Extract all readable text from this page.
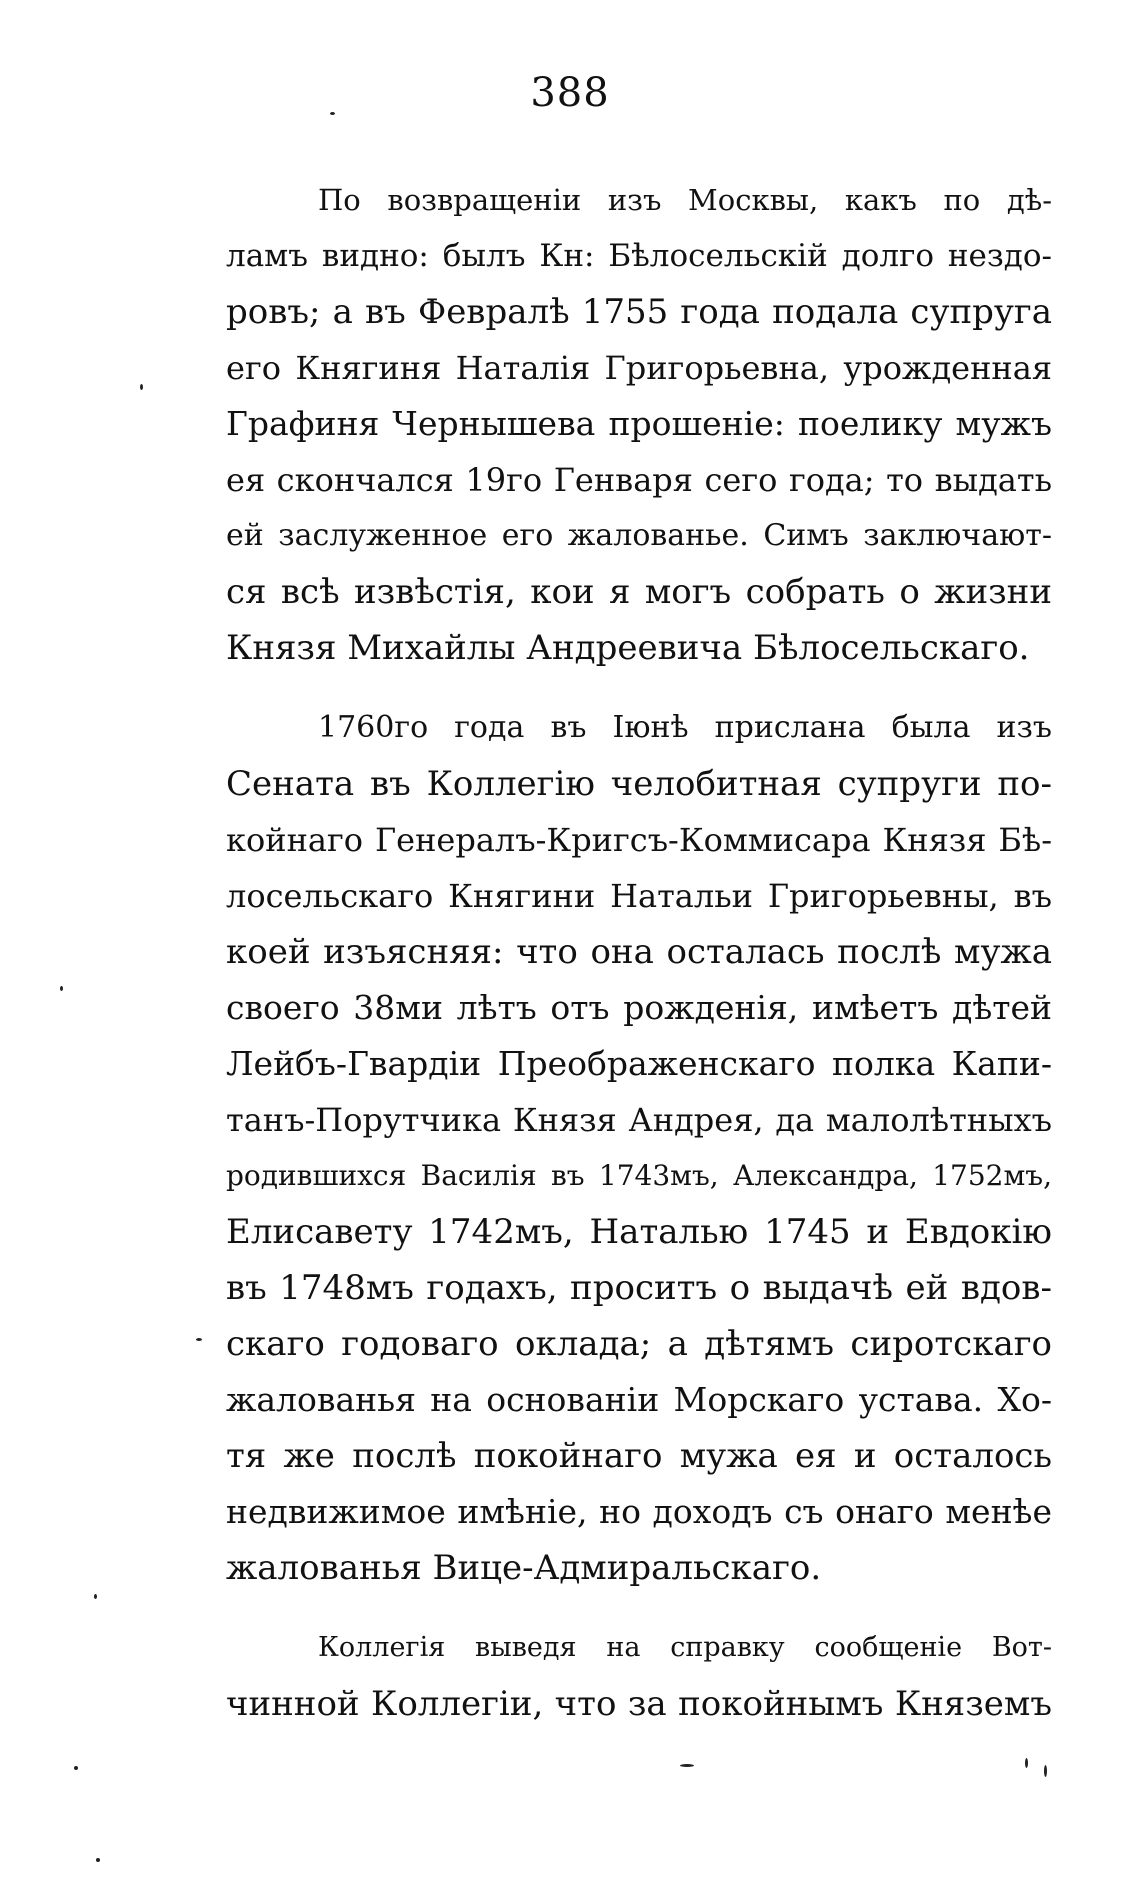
388
По возвращеніи изъ Москвы, какъ по дѣ-
ламъ видно: былъ Кн: Бѣлосельскій долго нездо-
ровъ; а въ Февралѣ 1755 года подала супруга
его Княгиня Наталія Григорьевна, урожденная
Графиня Чернышева прошеніе: поелику мужъ
ея скончался 19го Генваря сего года; то выдать
ей заслуженное его жалованье. Симъ заключают-
ся всѣ извѣстія, кои я могъ собрать о жизни
Князя Михайлы Андреевича Бѣлосельскаго.
1760го года въ Іюнѣ прислана была изъ
Сената въ Коллегію челобитная супруги по-
койнаго Генералъ-Кригсъ-Коммисара Князя Бѣ-
лосельскаго Княгини Натальи Григорьевны, въ
коей изъясняя: что она осталась послѣ мужа
своего 38ми лѣтъ отъ рожденія, имѣетъ дѣтей
Лейбъ-Гвардіи Преображенскаго полка Капи-
танъ-Порутчика Князя Андрея, да малолѣтныхъ
родившихся Василія въ 1743мъ, Александра, 1752мъ,
Елисавету 1742мъ, Наталью 1745 и Евдокію
въ 1748мъ годахъ, проситъ о выдачѣ ей вдов-
скаго годоваго оклада; а дѣтямъ сиротскаго
жалованья на основаніи Морскаго устава. Хо-
тя же послѣ покойнаго мужа ея и осталось
недвижимое имѣніе, но доходъ съ онаго менѣе
жалованья Вице-Адмиральскаго.
Коллегія выведя на справку сообщеніе Вот-
чинной Коллегіи, что за покойнымъ Княземъ
